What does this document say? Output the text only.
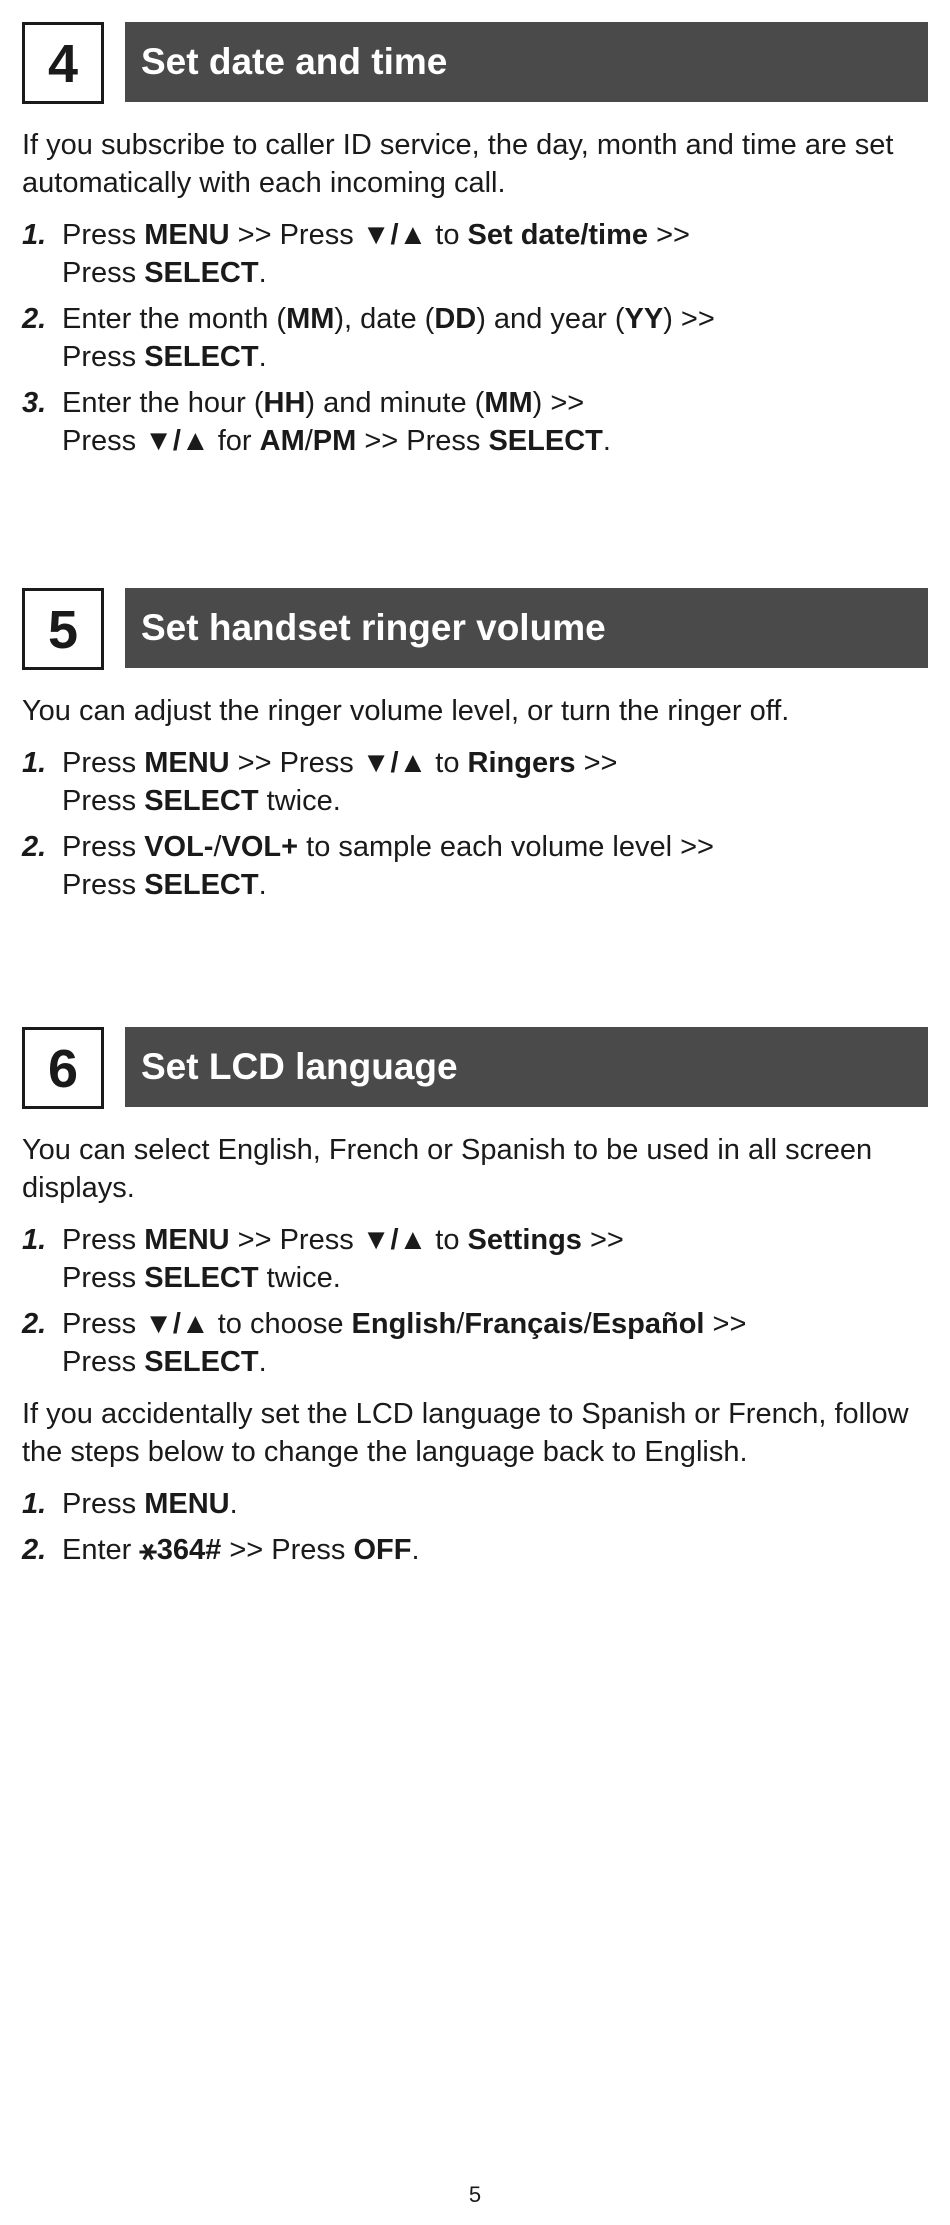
4	Set date and time

If you subscribe to caller ID service, the day, month and time are set automatically with each incoming call.

1. Press MENU >> Press ▼/▲ to Set date/time >>
Press SELECT.
2. Enter the month (MM), date (DD) and year (YY) >>
Press SELECT.
3. Enter the hour (HH) and minute (MM) >>
Press ▼/▲ for AM/PM >> Press SELECT.
5	Set handset ringer volume

You can adjust the ringer volume level, or turn the ringer off.

1. Press MENU >> Press ▼/▲ to Ringers >>
Press SELECT twice.
2. Press VOL-/VOL+ to sample each volume level >>
Press SELECT.
6	Set LCD language

You can select English, French or Spanish to be used in all screen displays.

1. Press MENU >> Press ▼/▲ to Settings >>
Press SELECT twice.
2. Press ▼/▲ to choose English/Français/Español >>
Press SELECT.

If you accidentally set the LCD language to Spanish or French, follow the steps below to change the language back to English.

1. Press MENU.
2. Enter ⚹364# >> Press OFF.
5
